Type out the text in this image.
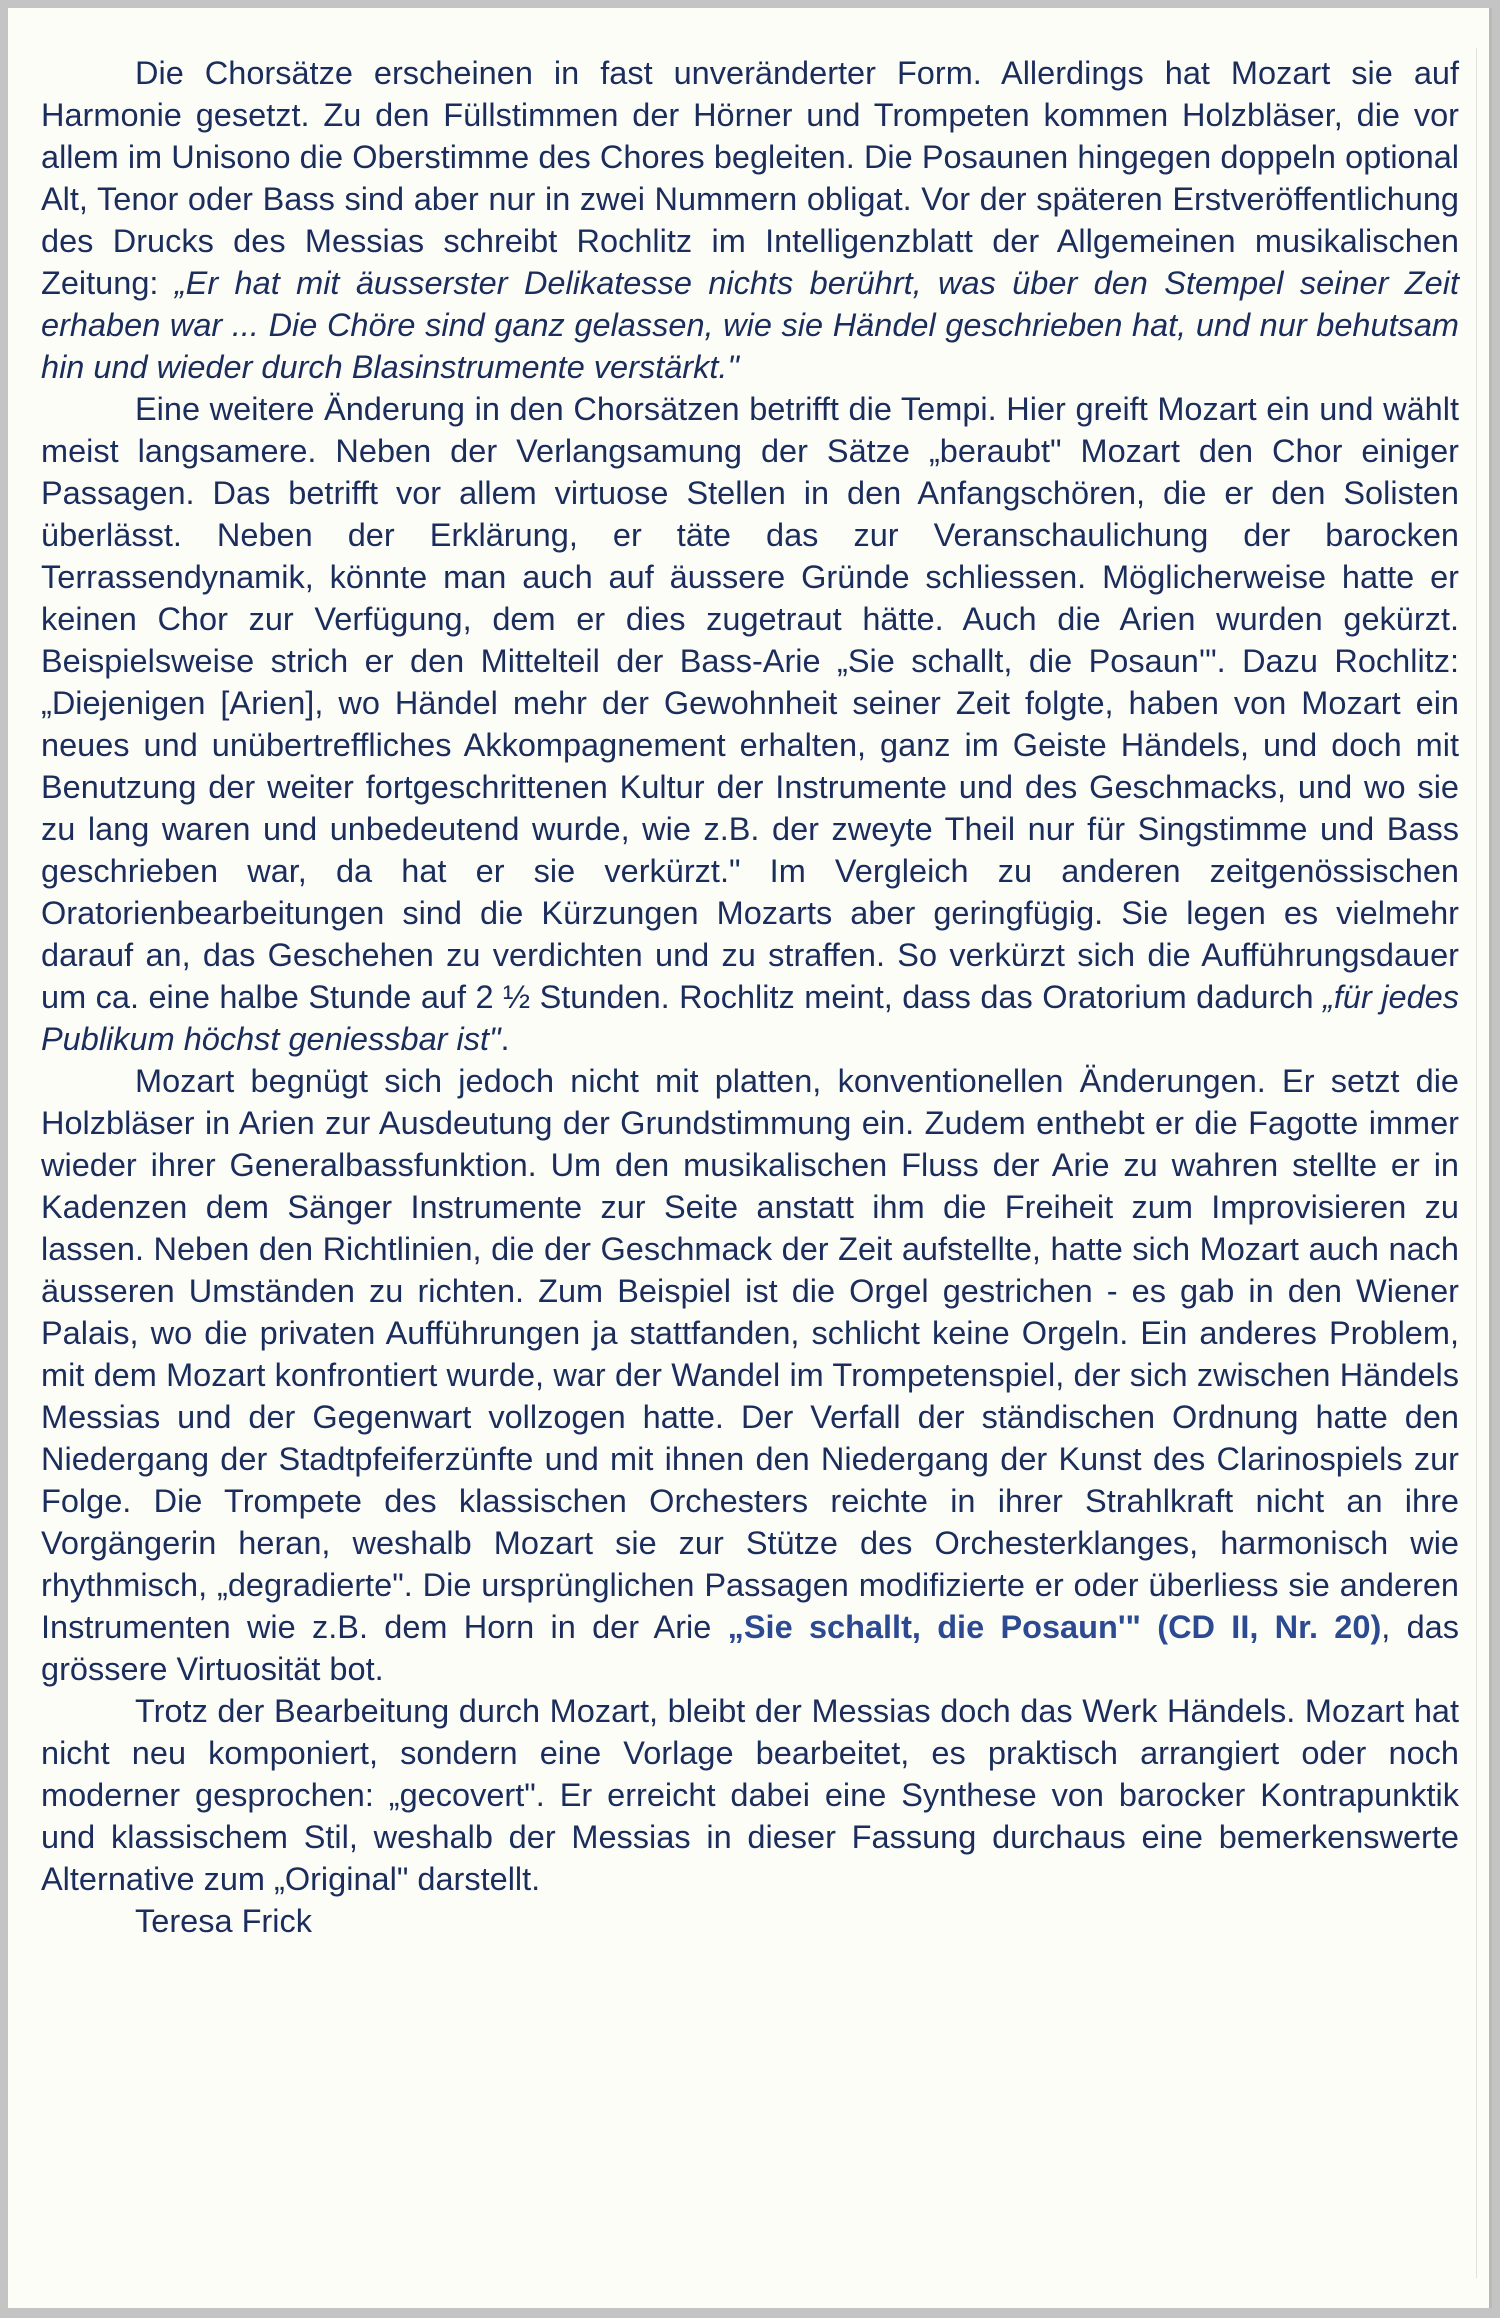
Die Chorsätze erscheinen in fast unveränderter Form. Allerdings hat Mozart sie auf Harmonie gesetzt. Zu den Füllstimmen der Hörner und Trompeten kommen Holzbläser, die vor allem im Unisono die Oberstimme des Chores begleiten. Die Posaunen hingegen doppeln optional Alt, Tenor oder Bass sind aber nur in zwei Nummern obligat. Vor der späteren Erstveröffentlichung des Drucks des Messias schreibt Rochlitz im Intelligenzblatt der Allgemeinen musikalischen Zeitung: „Er hat mit äusserster Delikatesse nichts berührt, was über den Stempel seiner Zeit erhaben war ... Die Chöre sind ganz gelassen, wie sie Händel geschrieben hat, und nur behutsam hin und wieder durch Blasinstrumente verstärkt."

Eine weitere Änderung in den Chorsätzen betrifft die Tempi. Hier greift Mozart ein und wählt meist langsamere. Neben der Verlangsamung der Sätze „beraubt" Mozart den Chor einiger Passagen. Das betrifft vor allem virtuose Stellen in den Anfangschören, die er den Solisten überlässt. Neben der Erklärung, er täte das zur Veranschaulichung der barocken Terrassendynamik, könnte man auch auf äussere Gründe schliessen. Möglicherweise hatte er keinen Chor zur Verfügung, dem er dies zugetraut hätte. Auch die Arien wurden gekürzt. Beispielsweise strich er den Mittelteil der Bass-Arie „Sie schallt, die Posaun'". Dazu Rochlitz: „Diejenigen [Arien], wo Händel mehr der Gewohnheit seiner Zeit folgte, haben von Mozart ein neues und unübertreffliches Akkompagnement erhalten, ganz im Geiste Händels, und doch mit Benutzung der weiter fortgeschrittenen Kultur der Instrumente und des Geschmacks, und wo sie zu lang waren und unbedeutend wurde, wie z.B. der zweyte Theil nur für Singstimme und Bass geschrieben war, da hat er sie verkürzt." Im Vergleich zu anderen zeitgenössischen Oratorienbearbeitungen sind die Kürzungen Mozarts aber geringfügig. Sie legen es vielmehr darauf an, das Geschehen zu verdichten und zu straffen. So verkürzt sich die Aufführungsdauer um ca. eine halbe Stunde auf 2 ½ Stunden. Rochlitz meint, dass das Oratorium dadurch „für jedes Publikum höchst geniessbar ist".

Mozart begnügt sich jedoch nicht mit platten, konventionellen Änderungen. Er setzt die Holzbläser in Arien zur Ausdeutung der Grundstimmung ein. Zudem enthebt er die Fagotte immer wieder ihrer Generalbassfunktion. Um den musikalischen Fluss der Arie zu wahren stellte er in Kadenzen dem Sänger Instrumente zur Seite anstatt ihm die Freiheit zum Improvisieren zu lassen. Neben den Richtlinien, die der Geschmack der Zeit aufstellte, hatte sich Mozart auch nach äusseren Umständen zu richten. Zum Beispiel ist die Orgel gestrichen - es gab in den Wiener Palais, wo die privaten Aufführungen ja stattfanden, schlicht keine Orgeln. Ein anderes Problem, mit dem Mozart konfrontiert wurde, war der Wandel im Trompetenspiel, der sich zwischen Händels Messias und der Gegenwart vollzogen hatte. Der Verfall der ständischen Ordnung hatte den Niedergang der Stadtpfeiferzünfte und mit ihnen den Niedergang der Kunst des Clarinospiels zur Folge. Die Trompete des klassischen Orchesters reichte in ihrer Strahlkraft nicht an ihre Vorgängerin heran, weshalb Mozart sie zur Stütze des Orchesterklanges, harmonisch wie rhythmisch, „degradierte". Die ursprünglichen Passagen modifizierte er oder überliess sie anderen Instrumenten wie z.B. dem Horn in der Arie „Sie schallt, die Posaun'" (CD II, Nr. 20), das grössere Virtuosität bot.

Trotz der Bearbeitung durch Mozart, bleibt der Messias doch das Werk Händels. Mozart hat nicht neu komponiert, sondern eine Vorlage bearbeitet, es praktisch arrangiert oder noch moderner gesprochen: „gecovert". Er erreicht dabei eine Synthese von barocker Kontrapunktik und klassischem Stil, weshalb der Messias in dieser Fassung durchaus eine bemerkenswerte Alternative zum „Original" darstellt.

Teresa Frick
